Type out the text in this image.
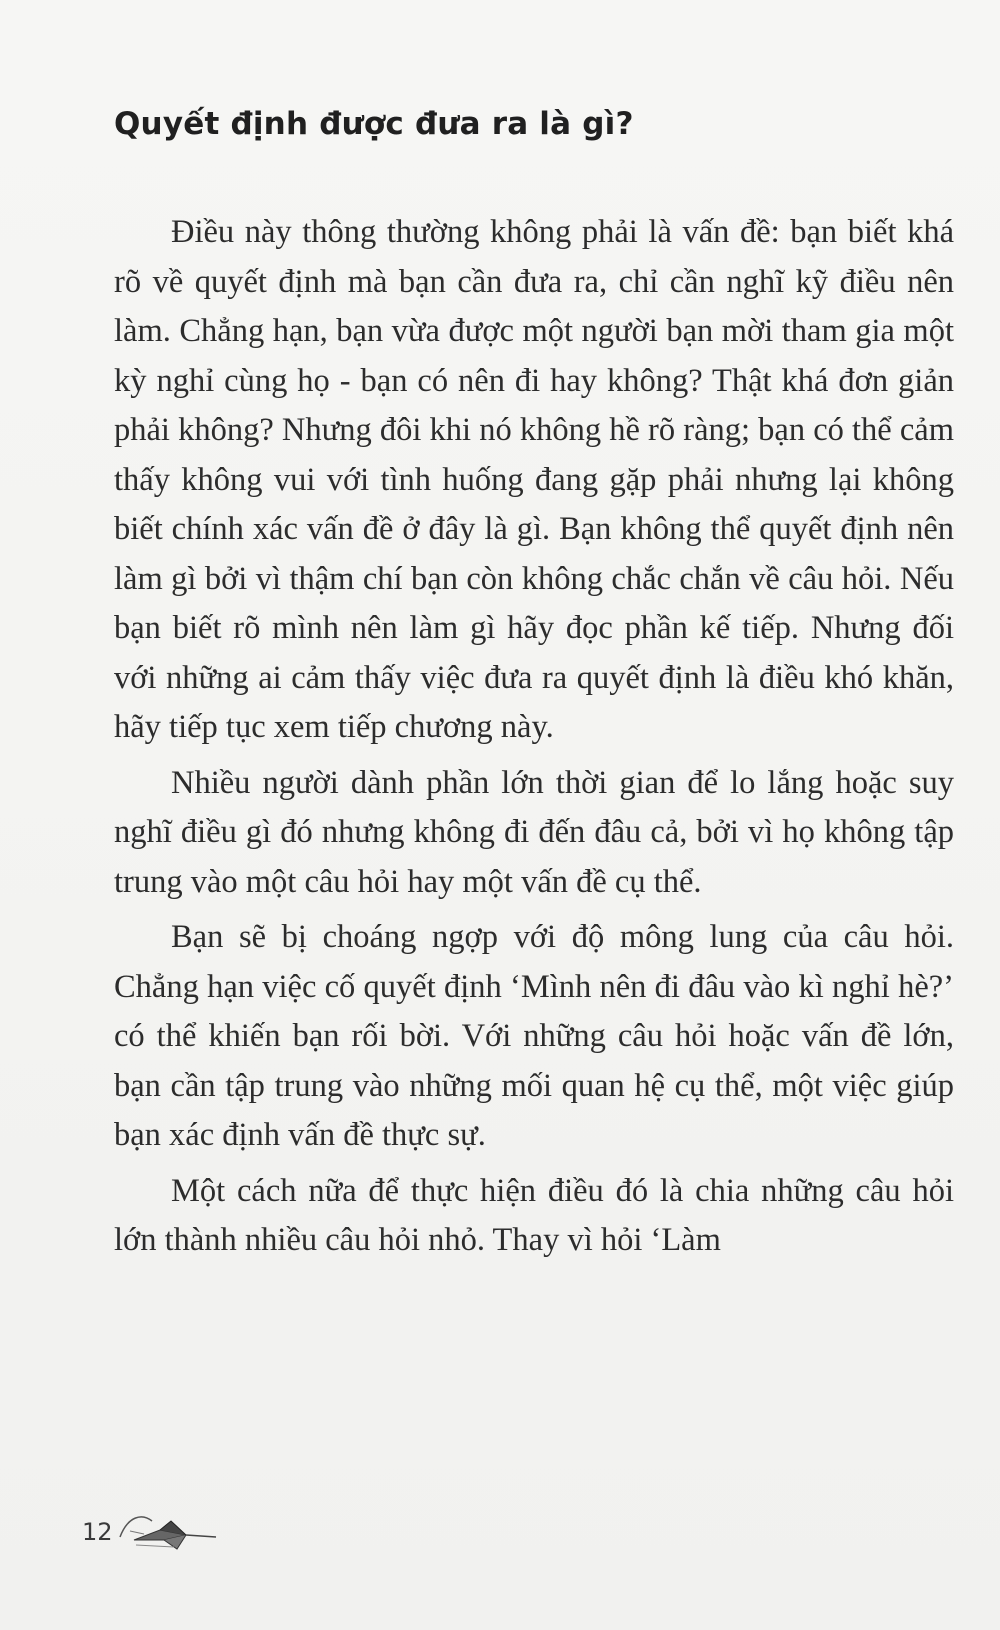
Quyết định được đưa ra là gì?

Điều này thông thường không phải là vấn đề: bạn biết khá rõ về quyết định mà bạn cần đưa ra, chỉ cần nghĩ kỹ điều nên làm. Chẳng hạn, bạn vừa được một người bạn mời tham gia một kỳ nghỉ cùng họ - bạn có nên đi hay không? Thật khá đơn giản phải không? Nhưng đôi khi nó không hề rõ ràng; bạn có thể cảm thấy không vui với tình huống đang gặp phải nhưng lại không biết chính xác vấn đề ở đây là gì. Bạn không thể quyết định nên làm gì bởi vì thậm chí bạn còn không chắc chắn về câu hỏi. Nếu bạn biết rõ mình nên làm gì hãy đọc phần kế tiếp. Nhưng đối với những ai cảm thấy việc đưa ra quyết định là điều khó khăn, hãy tiếp tục xem tiếp chương này.

Nhiều người dành phần lớn thời gian để lo lắng hoặc suy nghĩ điều gì đó nhưng không đi đến đâu cả, bởi vì họ không tập trung vào một câu hỏi hay một vấn đề cụ thể.

Bạn sẽ bị choáng ngợp với độ mông lung của câu hỏi. Chẳng hạn việc cố quyết định ‘Mình nên đi đâu vào kì nghỉ hè?’ có thể khiến bạn rối bời. Với những câu hỏi hoặc vấn đề lớn, bạn cần tập trung vào những mối quan hệ cụ thể, một việc giúp bạn xác định vấn đề thực sự.

Một cách nữa để thực hiện điều đó là chia những câu hỏi lớn thành nhiều câu hỏi nhỏ. Thay vì hỏi ‘Làm

12
